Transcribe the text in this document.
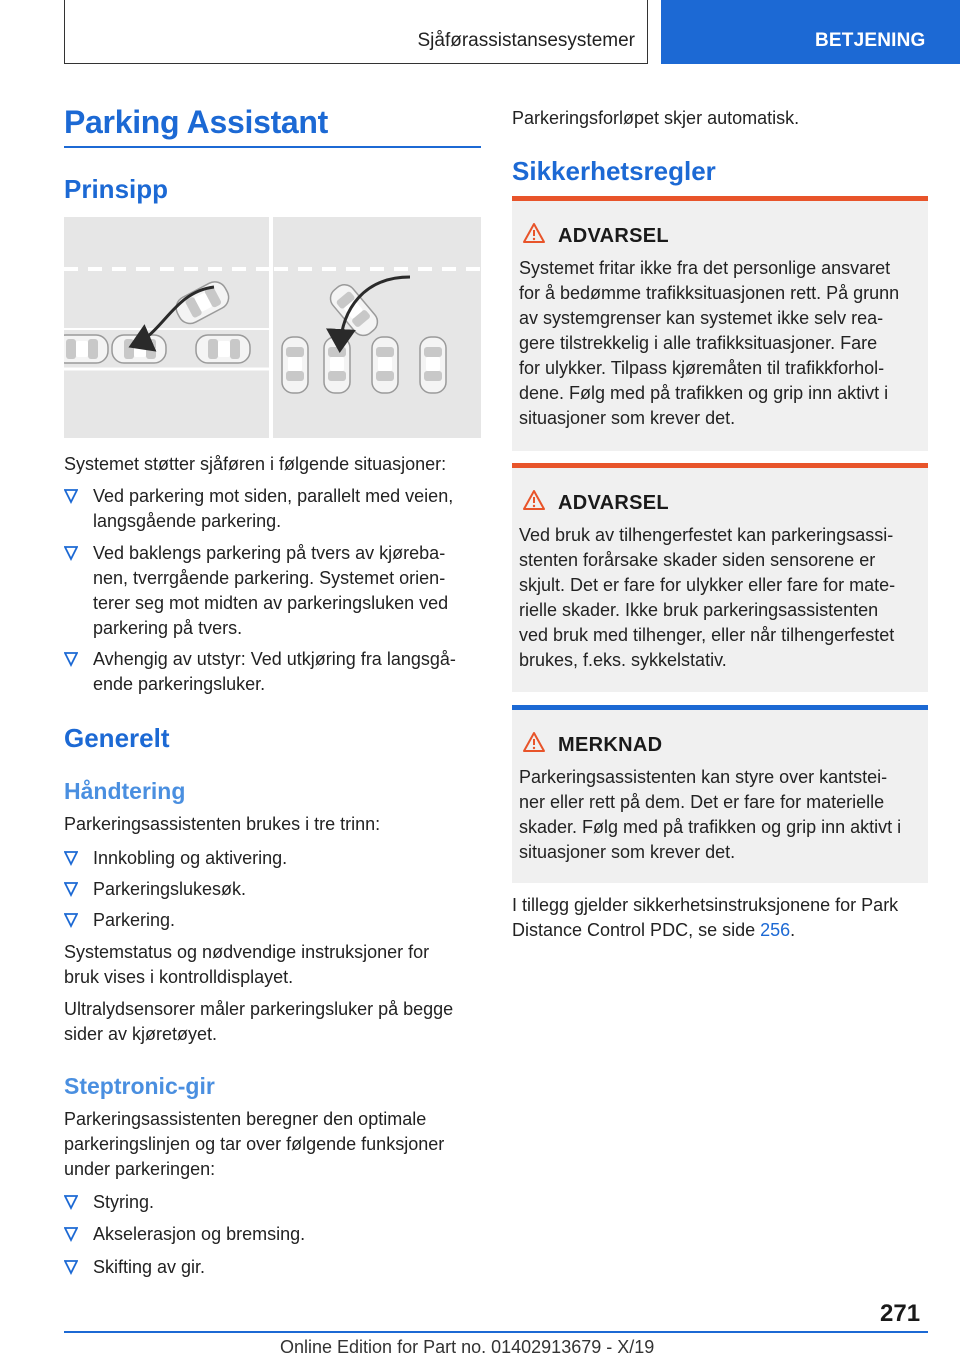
Sjåførassistansesystemer	BETJENING
Parking Assistant
Prinsipp

Systemet støtter sjåføren i følgende situasjoner:

Ved parkering mot siden, parallelt med veien,
langsgående parkering.
Ved baklengs parkering på tvers av kjøreba-
nen, tverrgående parkering. Systemet orien-
terer seg mot midten av parkeringsluken ved
parkering på tvers.
Avhengig av utstyr: Ved utkjøring fra langsgå-
ende parkeringsluker.
Generelt
Håndtering

Parkeringsassistenten brukes i tre trinn:

Innkobling og aktivering.
Parkeringslukesøk.
Parkering.

Systemstatus og nødvendige instruksjoner for
bruk vises i kontrolldisplayet.

Ultralydsensorer måler parkeringsluker på begge
sider av kjøretøyet.

Steptronic-gir

Parkeringsassistenten beregner den optimale
parkeringslinjen og tar over følgende funksjoner
under parkeringen:

Styring.
Akselerasjon og bremsing.
Skifting av gir.

Parkeringsforløpet skjer automatisk.

Sikkerhetsregler
ADVARSEL
Systemet fritar ikke fra det personlige ansvaret
for å bedømme trafikksituasjonen rett. På grunn
av systemgrenser kan systemet ikke selv rea-
gere tilstrekkelig i alle trafikksituasjoner. Fare
for ulykker. Tilpass kjøremåten til trafikkforhol-
dene. Følg med på trafikken og grip inn aktivt i
situasjoner som krever det.
ADVARSEL
Ved bruk av tilhengerfestet kan parkeringsassi-
stenten forårsake skader siden sensorene er
skjult. Det er fare for ulykker eller fare for mate-
rielle skader. Ikke bruk parkeringsassistenten
ved bruk med tilhenger, eller når tilhengerfestet
brukes, f.eks. sykkelstativ.
MERKNAD
Parkeringsassistenten kan styre over kantstei-
ner eller rett på dem. Det er fare for materielle
skader. Følg med på trafikken og grip inn aktivt i
situasjoner som krever det.

I tillegg gjelder sikkerhetsinstruksjonene for Park
Distance Control PDC, se side 256.

271
Online Edition for Part no. 01402913679 - X/19
